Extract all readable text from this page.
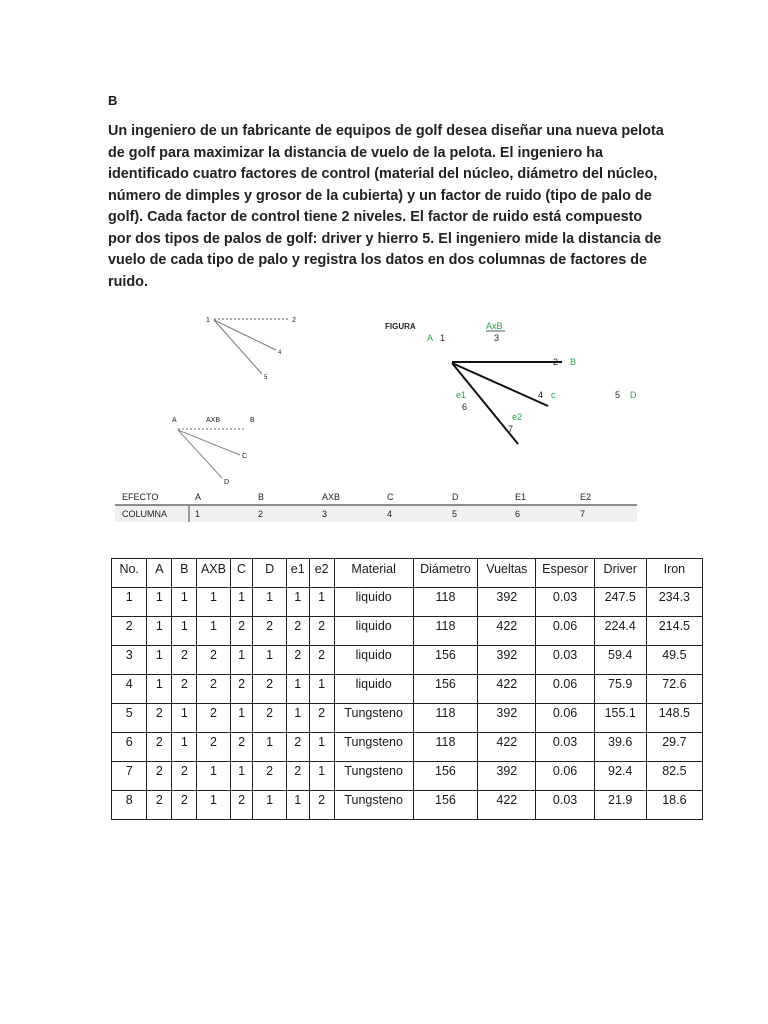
B
Un ingeniero de un fabricante de equipos de golf desea diseñar una nueva pelota de golf para maximizar la distancia de vuelo de la pelota. El ingeniero ha identificado cuatro factores de control (material del núcleo, diámetro del núcleo, número de dimples y grosor de la cubierta) y un factor de ruido (tipo de palo de golf). Cada factor de control tiene 2 niveles. El factor de ruido está compuesto por dos tipos de palos de golf: driver y hierro 5. El ingeniero mide la distancia de vuelo de cada tipo de palo y registra los datos en dos columnas de factores de ruido.
1	2
4
5
A	AXB	B
C
D
FIGURA
A 1
AxB
3
2 B
e1
6
4 c	5 D
e2
7
EFECTO	A	B	AXB	C	D	E1	E2
COLUMNA	1	2	3	4	5	6	7
No.	A	B	AXB	C	D	e1	e2	Material	Diámetro	Vueltas	Espesor	Driver	Iron
1	1	1	1	1	1	1	1	liquido	118	392	0.03	247.5	234.3
2	1	1	1	2	2	2	2	liquido	118	422	0.06	224.4	214.5
3	1	2	2	1	1	2	2	liquido	156	392	0.03	59.4	49.5
4	1	2	2	2	2	1	1	liquido	156	422	0.06	75.9	72.6
5	2	1	2	1	2	1	2	Tungsteno	118	392	0.06	155.1	148.5
6	2	1	2	2	1	2	1	Tungsteno	118	422	0.03	39.6	29.7
7	2	2	1	1	2	2	1	Tungsteno	156	392	0.06	92.4	82.5
8	2	2	1	2	1	1	2	Tungsteno	156	422	0.03	21.9	18.6
